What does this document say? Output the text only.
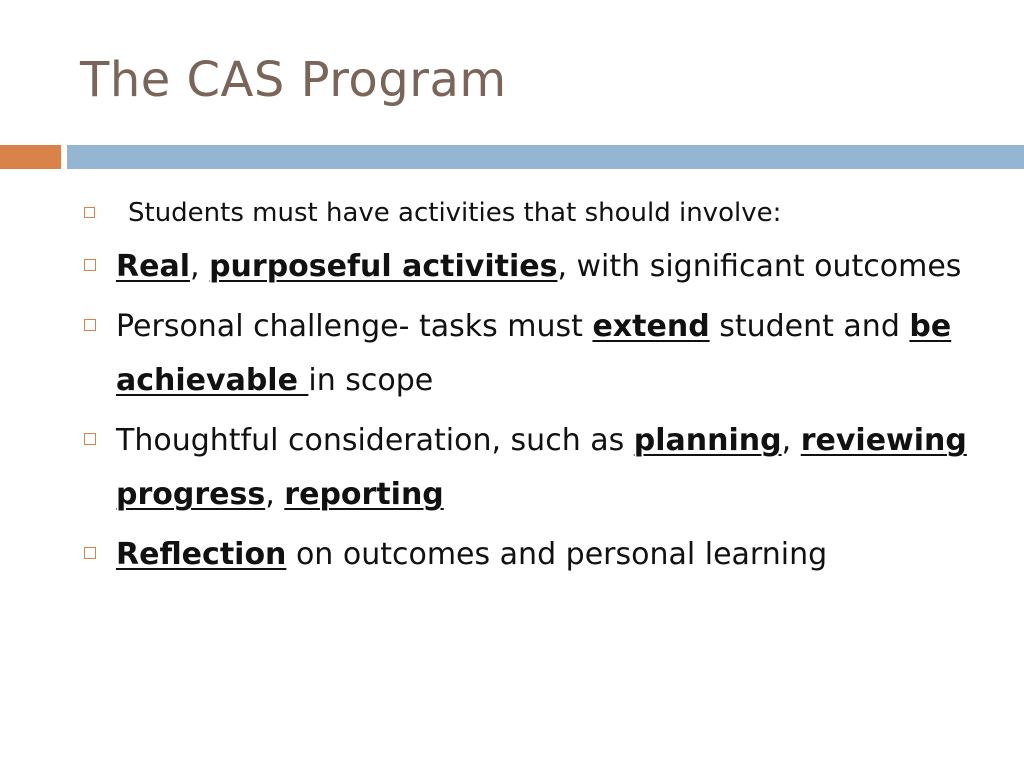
The CAS Program
Students must have activities that should involve:
Real, purposeful activities, with significant outcomes
Personal challenge- tasks must extend student and be achievable in scope
Thoughtful consideration, such as planning, reviewing progress, reporting
Reflection on outcomes and personal learning
